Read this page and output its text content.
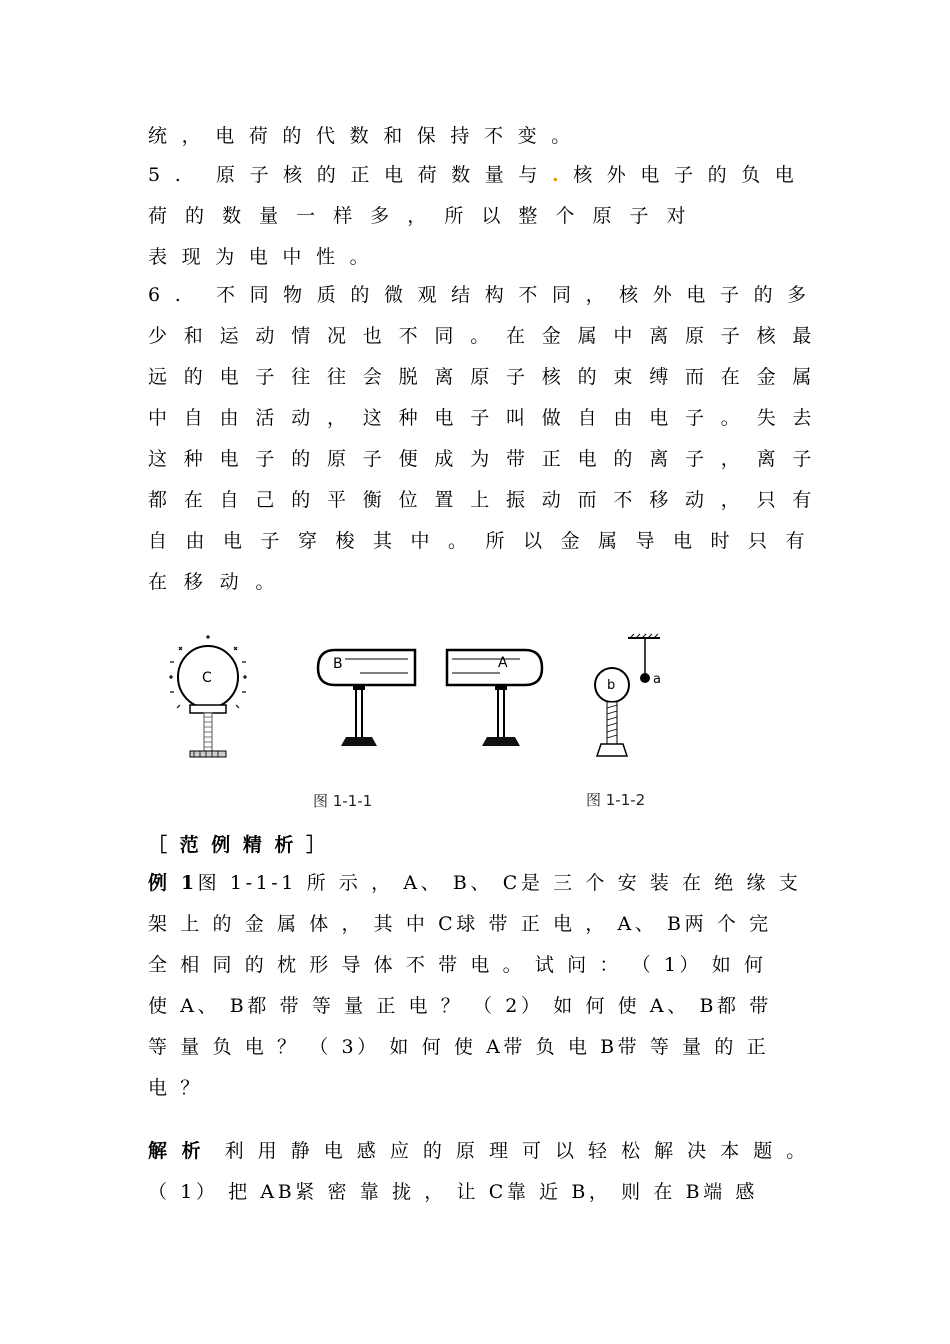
统，电荷的代数和保持不变。
5. 原子核的正电荷数量与.核外电子的负电
荷 的 数 量 一 样 多 ， 所 以 整 个 原 子 对
表现为电中性。
6. 不同物质的微观结构不同，核外电子的多
少和运动情况也不同。在金属中离原子核最
远的电子往往会脱离原子核的束缚而在金属
中自由活动，这种电子叫做自由电子。失去
这种电子的原子便成为带正电的离子，离子
都在自己的平衡位置上振动而不移动，只有
自由电子穿梭其中。所以金属导电时只有
在移动。
C
B	A
a
b
图 1-1-1	图 1-1-2
［ 范 例 精 析 ］
例 1图 1-1-1 所 示 ， A、 B、 C是 三 个 安 装 在 绝 缘 支
架 上 的 金 属 体 ， 其 中 C球 带 正 电 ， A、 B两 个 完
全 相 同 的 枕 形 导 体 不 带 电 。 试 问 ： （ 1） 如 何
使 A、 B都 带 等 量 正 电 ？ （ 2） 如 何 使 A、 B都 带
等 量 负 电 ？ （ 3） 如 何 使 A带 负 电 B带 等 量 的 正
电 ？
解 析 利 用 静 电 感 应 的 原 理 可 以 轻 松 解 决 本 题 。
（ 1） 把 AB紧 密 靠 拢 ， 让 C靠 近 B， 则 在 B端 感
